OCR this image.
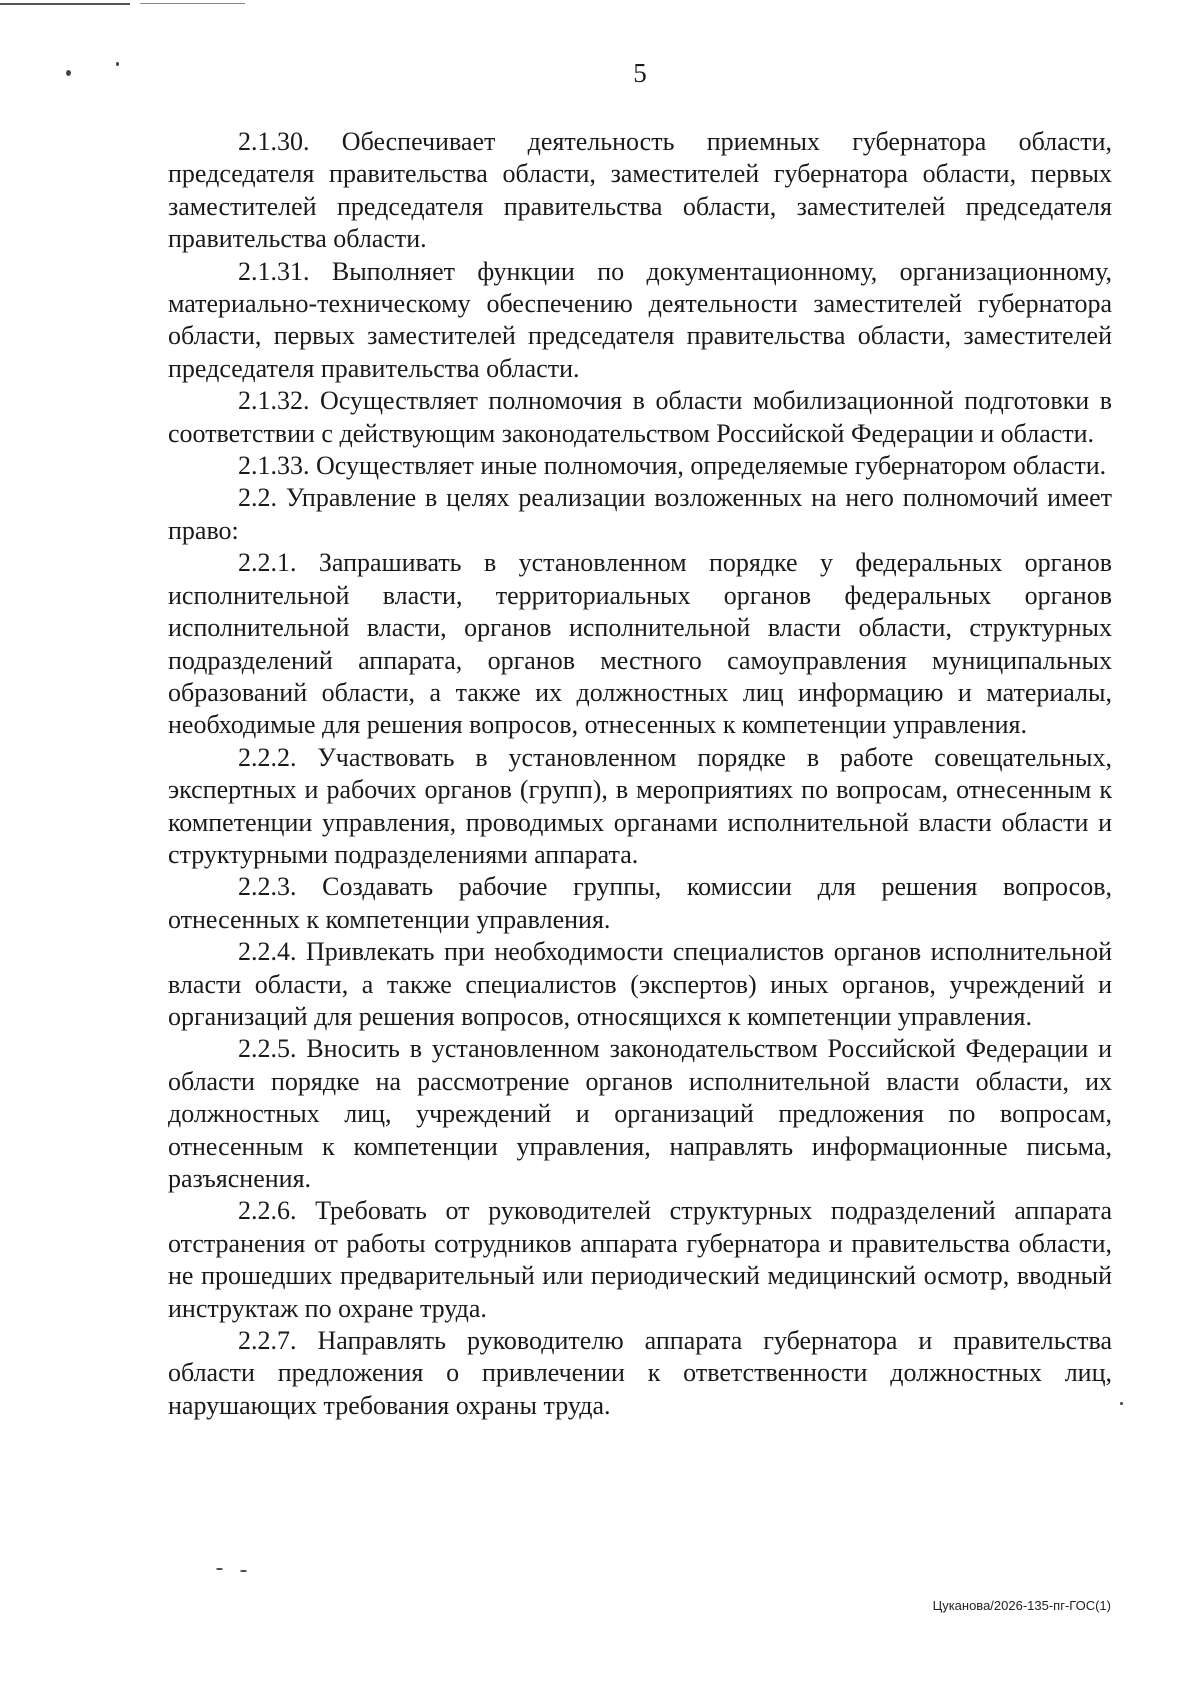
5

2.1.30. Обеспечивает деятельность приемных губернатора области, председателя правительства области, заместителей губернатора области, первых заместителей председателя правительства области, заместителей председателя правительства области.

2.1.31. Выполняет функции по документационному, организационному, материально-техническому обеспечению деятельности заместителей губернатора области, первых заместителей председателя правительства области, заместителей председателя правительства области.

2.1.32. Осуществляет полномочия в области мобилизационной подготовки в соответствии с действующим законодательством Российской Федерации и области.

2.1.33. Осуществляет иные полномочия, определяемые губернатором области.

2.2. Управление в целях реализации возложенных на него полномочий имеет право:

2.2.1. Запрашивать в установленном порядке у федеральных органов исполнительной власти, территориальных органов федеральных органов исполнительной власти, органов исполнительной власти области, структурных подразделений аппарата, органов местного самоуправления муниципальных образований области, а также их должностных лиц информацию и материалы, необходимые для решения вопросов, отнесенных к компетенции управления.

2.2.2. Участвовать в установленном порядке в работе совещательных, экспертных и рабочих органов (групп), в мероприятиях по вопросам, отнесенным к компетенции управления, проводимых органами исполнительной власти области и структурными подразделениями аппарата.

2.2.3. Создавать рабочие группы, комиссии для решения вопросов, отнесенных к компетенции управления.

2.2.4. Привлекать при необходимости специалистов органов исполнительной власти области, а также специалистов (экспертов) иных органов, учреждений и организаций для решения вопросов, относящихся к компетенции управления.

2.2.5. Вносить в установленном законодательством Российской Федерации и области порядке на рассмотрение органов исполнительной власти области, их должностных лиц, учреждений и организаций предложения по вопросам, отнесенным к компетенции управления, направлять информационные письма, разъяснения.

2.2.6. Требовать от руководителей структурных подразделений аппарата отстранения от работы сотрудников аппарата губернатора и правительства области, не прошедших предварительный или периодический медицинский осмотр, вводный инструктаж по охране труда.

2.2.7. Направлять руководителю аппарата губернатора и правительства области предложения о привлечении к ответственности должностных лиц, нарушающих требования охраны труда.

Цуканова/2026-135-пг-ГОС(1)
